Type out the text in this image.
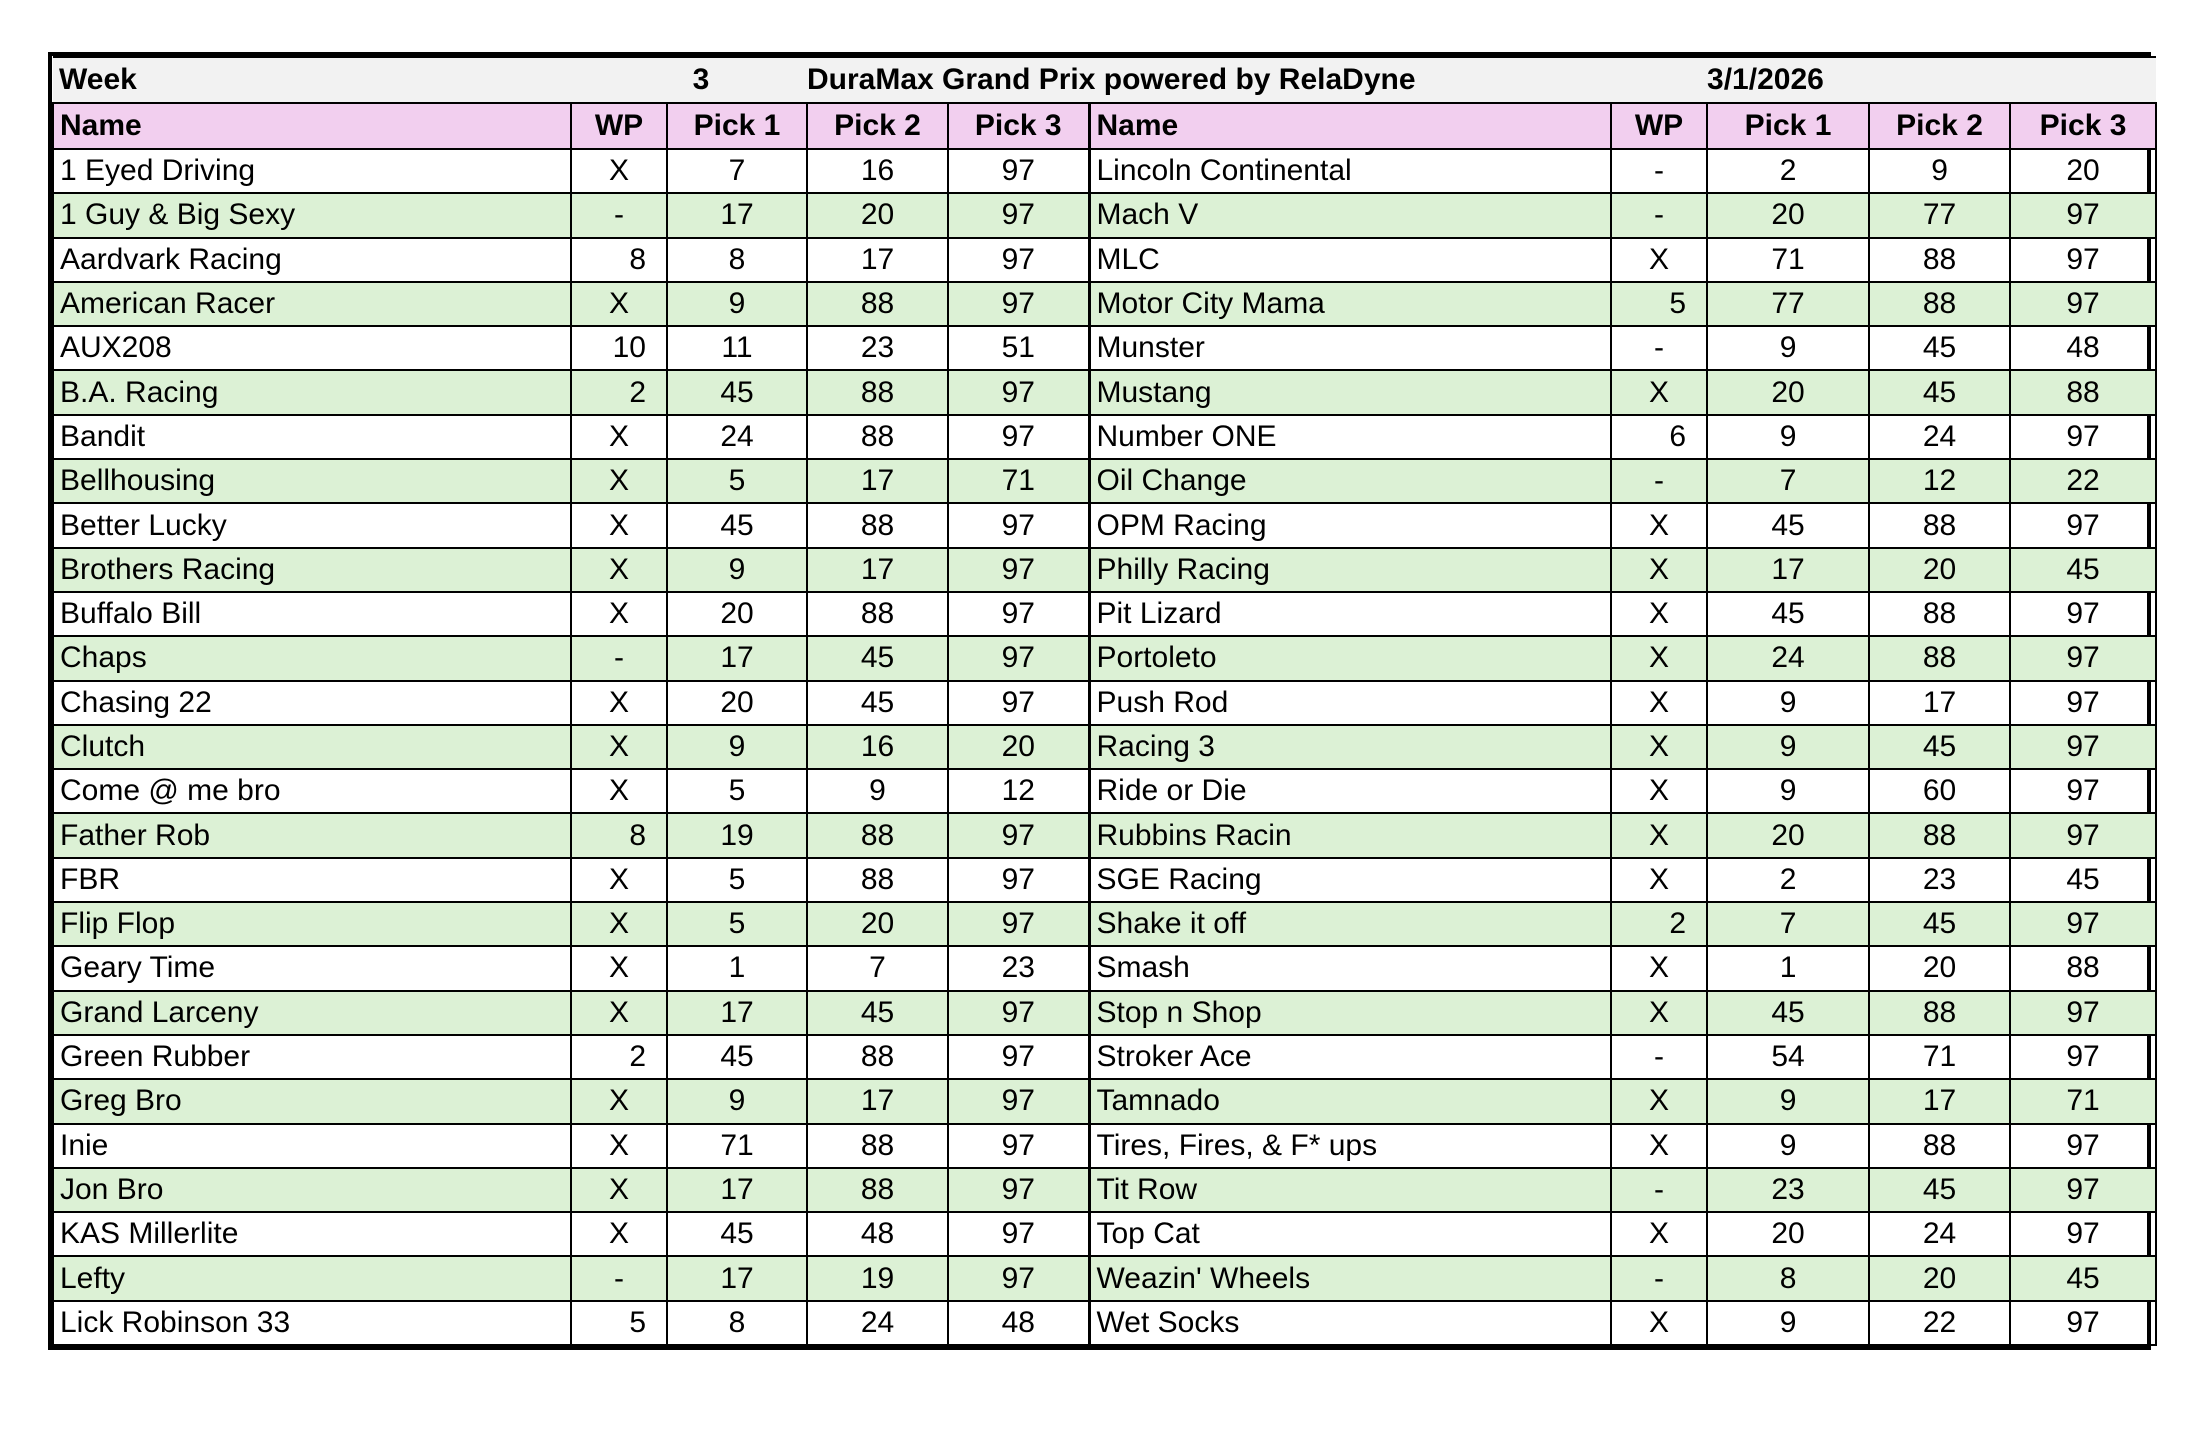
Week	3		DuraMax Grand Prix powered by RelaDyne				3/1/2026		
Name	WP	Pick 1	Pick 2	Pick 3	Name	WP	Pick 1	Pick 2	Pick 3
1 Eyed Driving	X	7	16	97	Lincoln Continental	-	2	9	20
1 Guy & Big Sexy	-	17	20	97	Mach V	-	20	77	97
Aardvark Racing	8	8	17	97	MLC	X	71	88	97
American Racer	X	9	88	97	Motor City Mama	5	77	88	97
AUX208	10	11	23	51	Munster	-	9	45	48
B.A. Racing	2	45	88	97	Mustang	X	20	45	88
Bandit	X	24	88	97	Number ONE	6	9	24	97
Bellhousing	X	5	17	71	Oil Change	-	7	12	22
Better Lucky	X	45	88	97	OPM Racing	X	45	88	97
Brothers Racing	X	9	17	97	Philly Racing	X	17	20	45
Buffalo Bill	X	20	88	97	Pit Lizard	X	45	88	97
Chaps	-	17	45	97	Portoleto	X	24	88	97
Chasing 22	X	20	45	97	Push Rod	X	9	17	97
Clutch	X	9	16	20	Racing 3	X	9	45	97
Come @ me bro	X	5	9	12	Ride or Die	X	9	60	97
Father Rob	8	19	88	97	Rubbins Racin	X	20	88	97
FBR	X	5	88	97	SGE Racing	X	2	23	45
Flip Flop	X	5	20	97	Shake it off	2	7	45	97
Geary Time	X	1	7	23	Smash	X	1	20	88
Grand Larceny	X	17	45	97	Stop n Shop	X	45	88	97
Green Rubber	2	45	88	97	Stroker Ace	-	54	71	97
Greg Bro	X	9	17	97	Tamnado	X	9	17	71
Inie	X	71	88	97	Tires, Fires, & F* ups	X	9	88	97
Jon Bro	X	17	88	97	Tit Row	-	23	45	97
KAS Millerlite	X	45	48	97	Top Cat	X	20	24	97
Lefty	-	17	19	97	Weazin' Wheels	-	8	20	45
Lick Robinson 33	5	8	24	48	Wet Socks	X	9	22	97
